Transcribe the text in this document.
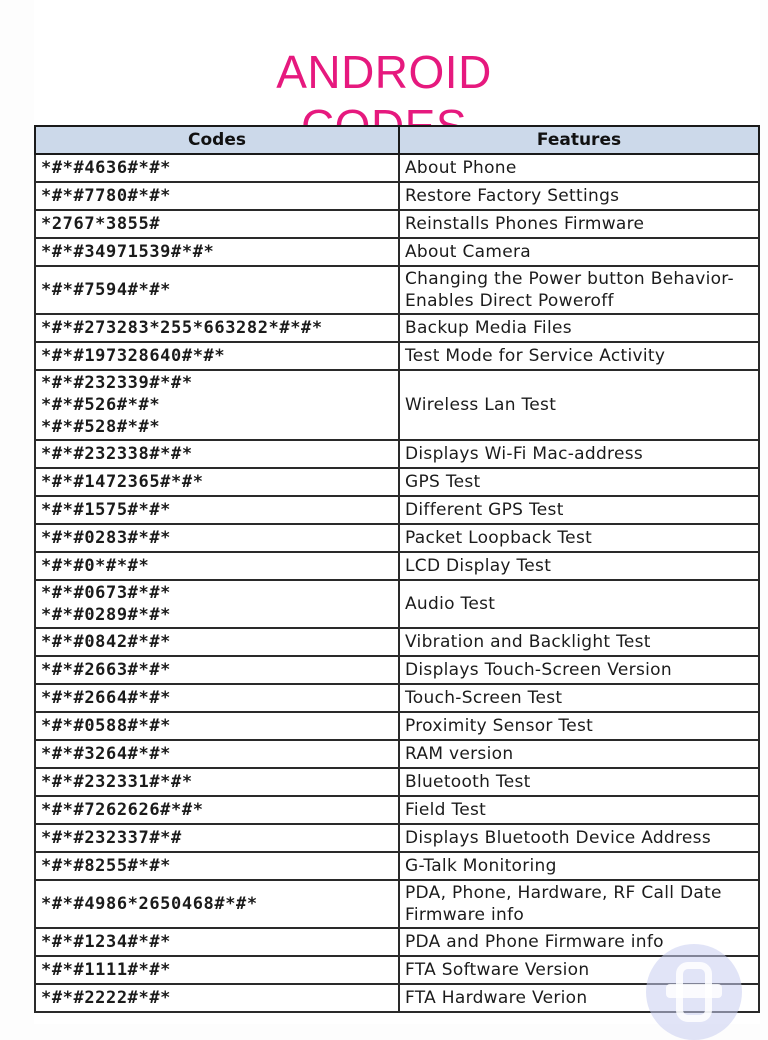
ANDROID
Codes	Features
*#*#4636#*#*	About Phone
*#*#7780#*#*	Restore Factory Settings
*2767*3855#	Reinstalls Phones Firmware
*#*#34971539#*#*	About Camera
*#*#7594#*#*	Changing the Power button Behavior-
Enables Direct Poweroff
*#*#273283*255*663282*#*#*	Backup Media Files
*#*#197328640#*#*	Test Mode for Service Activity
*#*#232339#*#*
*#*#526#*#*
*#*#528#*#*	Wireless Lan Test
*#*#232338#*#*	Displays Wi-Fi Mac-address
*#*#1472365#*#*	GPS Test
*#*#1575#*#*	Different GPS Test
*#*#0283#*#*	Packet Loopback Test
*#*#0*#*#*	LCD Display Test
*#*#0673#*#*
*#*#0289#*#*	Audio Test
*#*#0842#*#*	Vibration and Backlight Test
*#*#2663#*#*	Displays Touch-Screen Version
*#*#2664#*#*	Touch-Screen Test
*#*#0588#*#*	Proximity Sensor Test
*#*#3264#*#*	RAM version
*#*#232331#*#*	Bluetooth Test
*#*#7262626#*#*	Field Test
*#*#232337#*#	Displays Bluetooth Device Address
*#*#8255#*#*	G-Talk Monitoring
*#*#4986*2650468#*#*	PDA, Phone, Hardware, RF Call Date
Firmware info
*#*#1234#*#*	PDA and Phone Firmware info
*#*#1111#*#*	FTA Software Version
*#*#2222#*#*	FTA Hardware Verion
